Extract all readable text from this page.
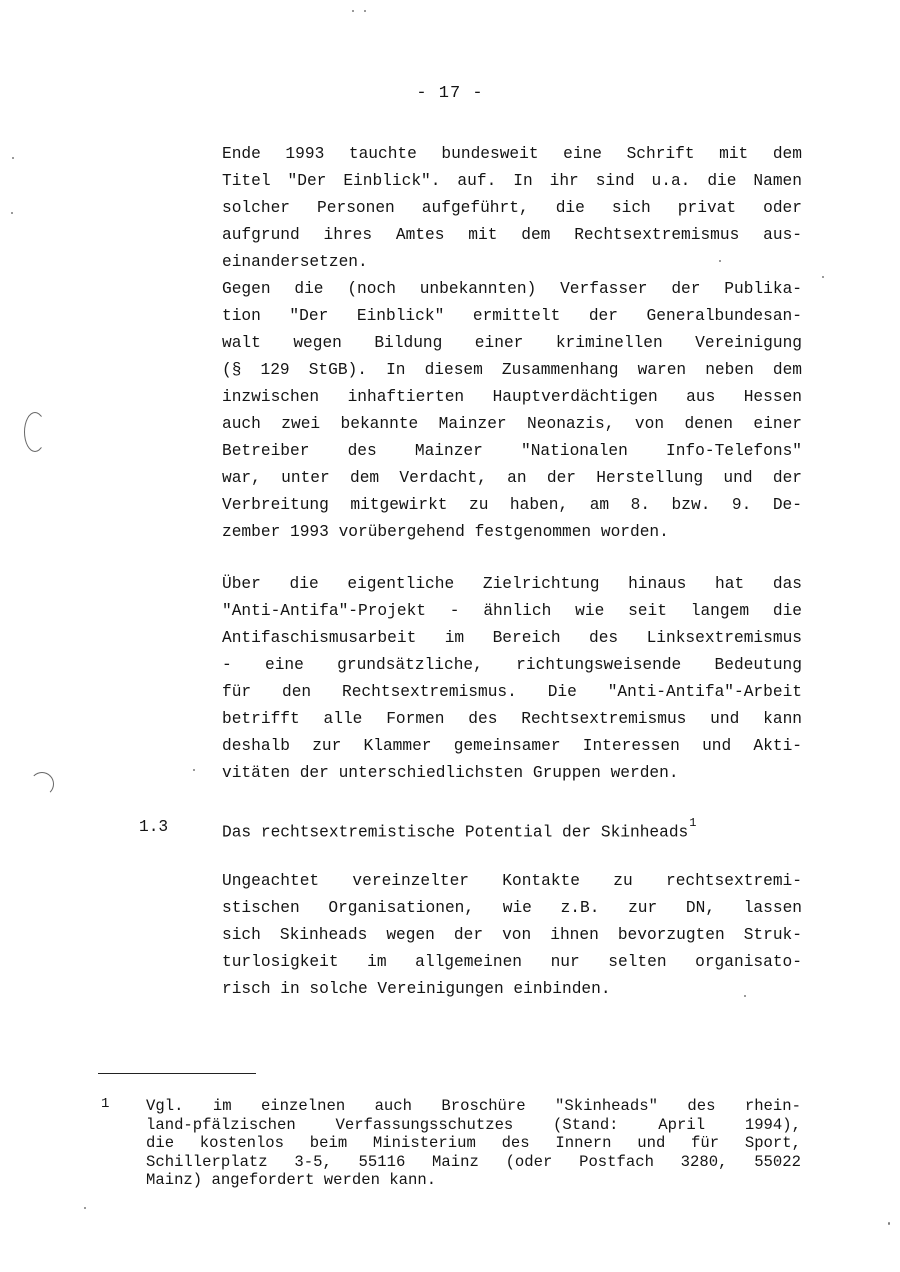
- 17 -
Ende 1993 tauchte bundesweit eine Schrift mit dem
Titel "Der Einblick". auf. In ihr sind u.a. die Namen
solcher Personen aufgeführt, die sich privat oder
aufgrund ihres Amtes mit dem Rechtsextremismus aus-
einandersetzen.
Gegen die (noch unbekannten) Verfasser der Publika-
tion "Der Einblick" ermittelt der Generalbundesan-
walt wegen Bildung einer kriminellen Vereinigung
(§ 129 StGB). In diesem Zusammenhang waren neben dem
inzwischen inhaftierten Hauptverdächtigen aus Hessen
auch zwei bekannte Mainzer Neonazis, von denen einer
Betreiber des Mainzer "Nationalen Info-Telefons"
war, unter dem Verdacht, an der Herstellung und der
Verbreitung mitgewirkt zu haben, am 8. bzw. 9. De-
zember 1993 vorübergehend festgenommen worden.
Über die eigentliche Zielrichtung hinaus hat das
"Anti-Antifa"-Projekt - ähnlich wie seit langem die
Antifaschismusarbeit im Bereich des Linksextremismus
- eine grundsätzliche, richtungsweisende Bedeutung
für den Rechtsextremismus. Die "Anti-Antifa"-Arbeit
betrifft alle Formen des Rechtsextremismus und kann
deshalb zur Klammer gemeinsamer Interessen und Akti-
vitäten der unterschiedlichsten Gruppen werden.
1.3	Das rechtsextremistische Potential der Skinheads$^1$
Ungeachtet vereinzelter Kontakte zu rechtsextremi-
stischen Organisationen, wie z.B. zur DN, lassen
sich Skinheads wegen der von ihnen bevorzugten Struk-
turlosigkeit im allgemeinen nur selten organisato-
risch in solche Vereinigungen einbinden.
1 Vgl. im einzelnen auch Broschüre "Skinheads" des rhein-
land-pfälzischen Verfassungsschutzes (Stand: April 1994),
die kostenlos beim Ministerium des Innern und für Sport,
Schillerplatz 3-5, 55116 Mainz (oder Postfach 3280, 55022
Mainz) angefordert werden kann.
